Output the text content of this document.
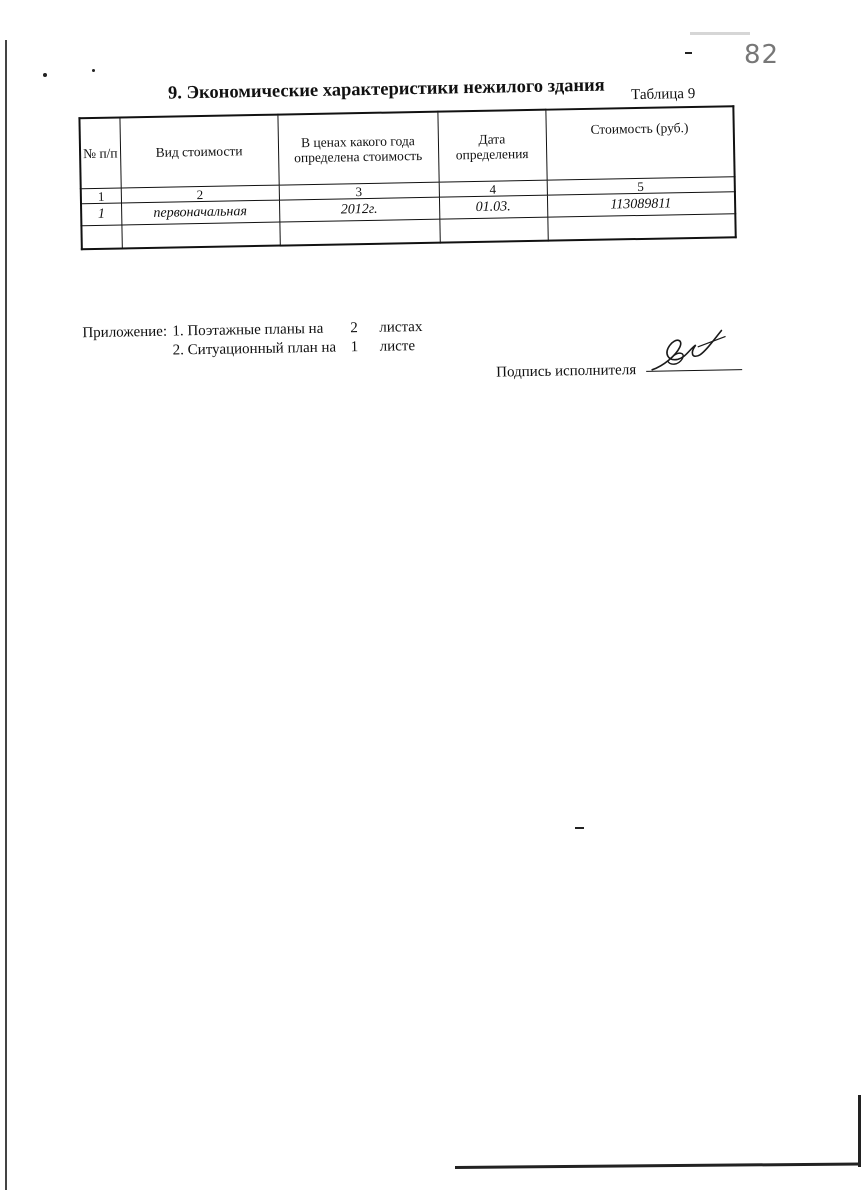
82
9. Экономические характеристики нежилого здания Таблица 9
№ п/п	Вид стоимости	В ценах какого года определена стоимость	Дата определения	Стоимость (руб.)
1	2	3	4	5
1	первоначальная	2012г.	01.03.	113089811

Приложение: 1. Поэтажные планы на 2 листах
2. Ситуационный план на 1 листе
Подпись исполнителя
